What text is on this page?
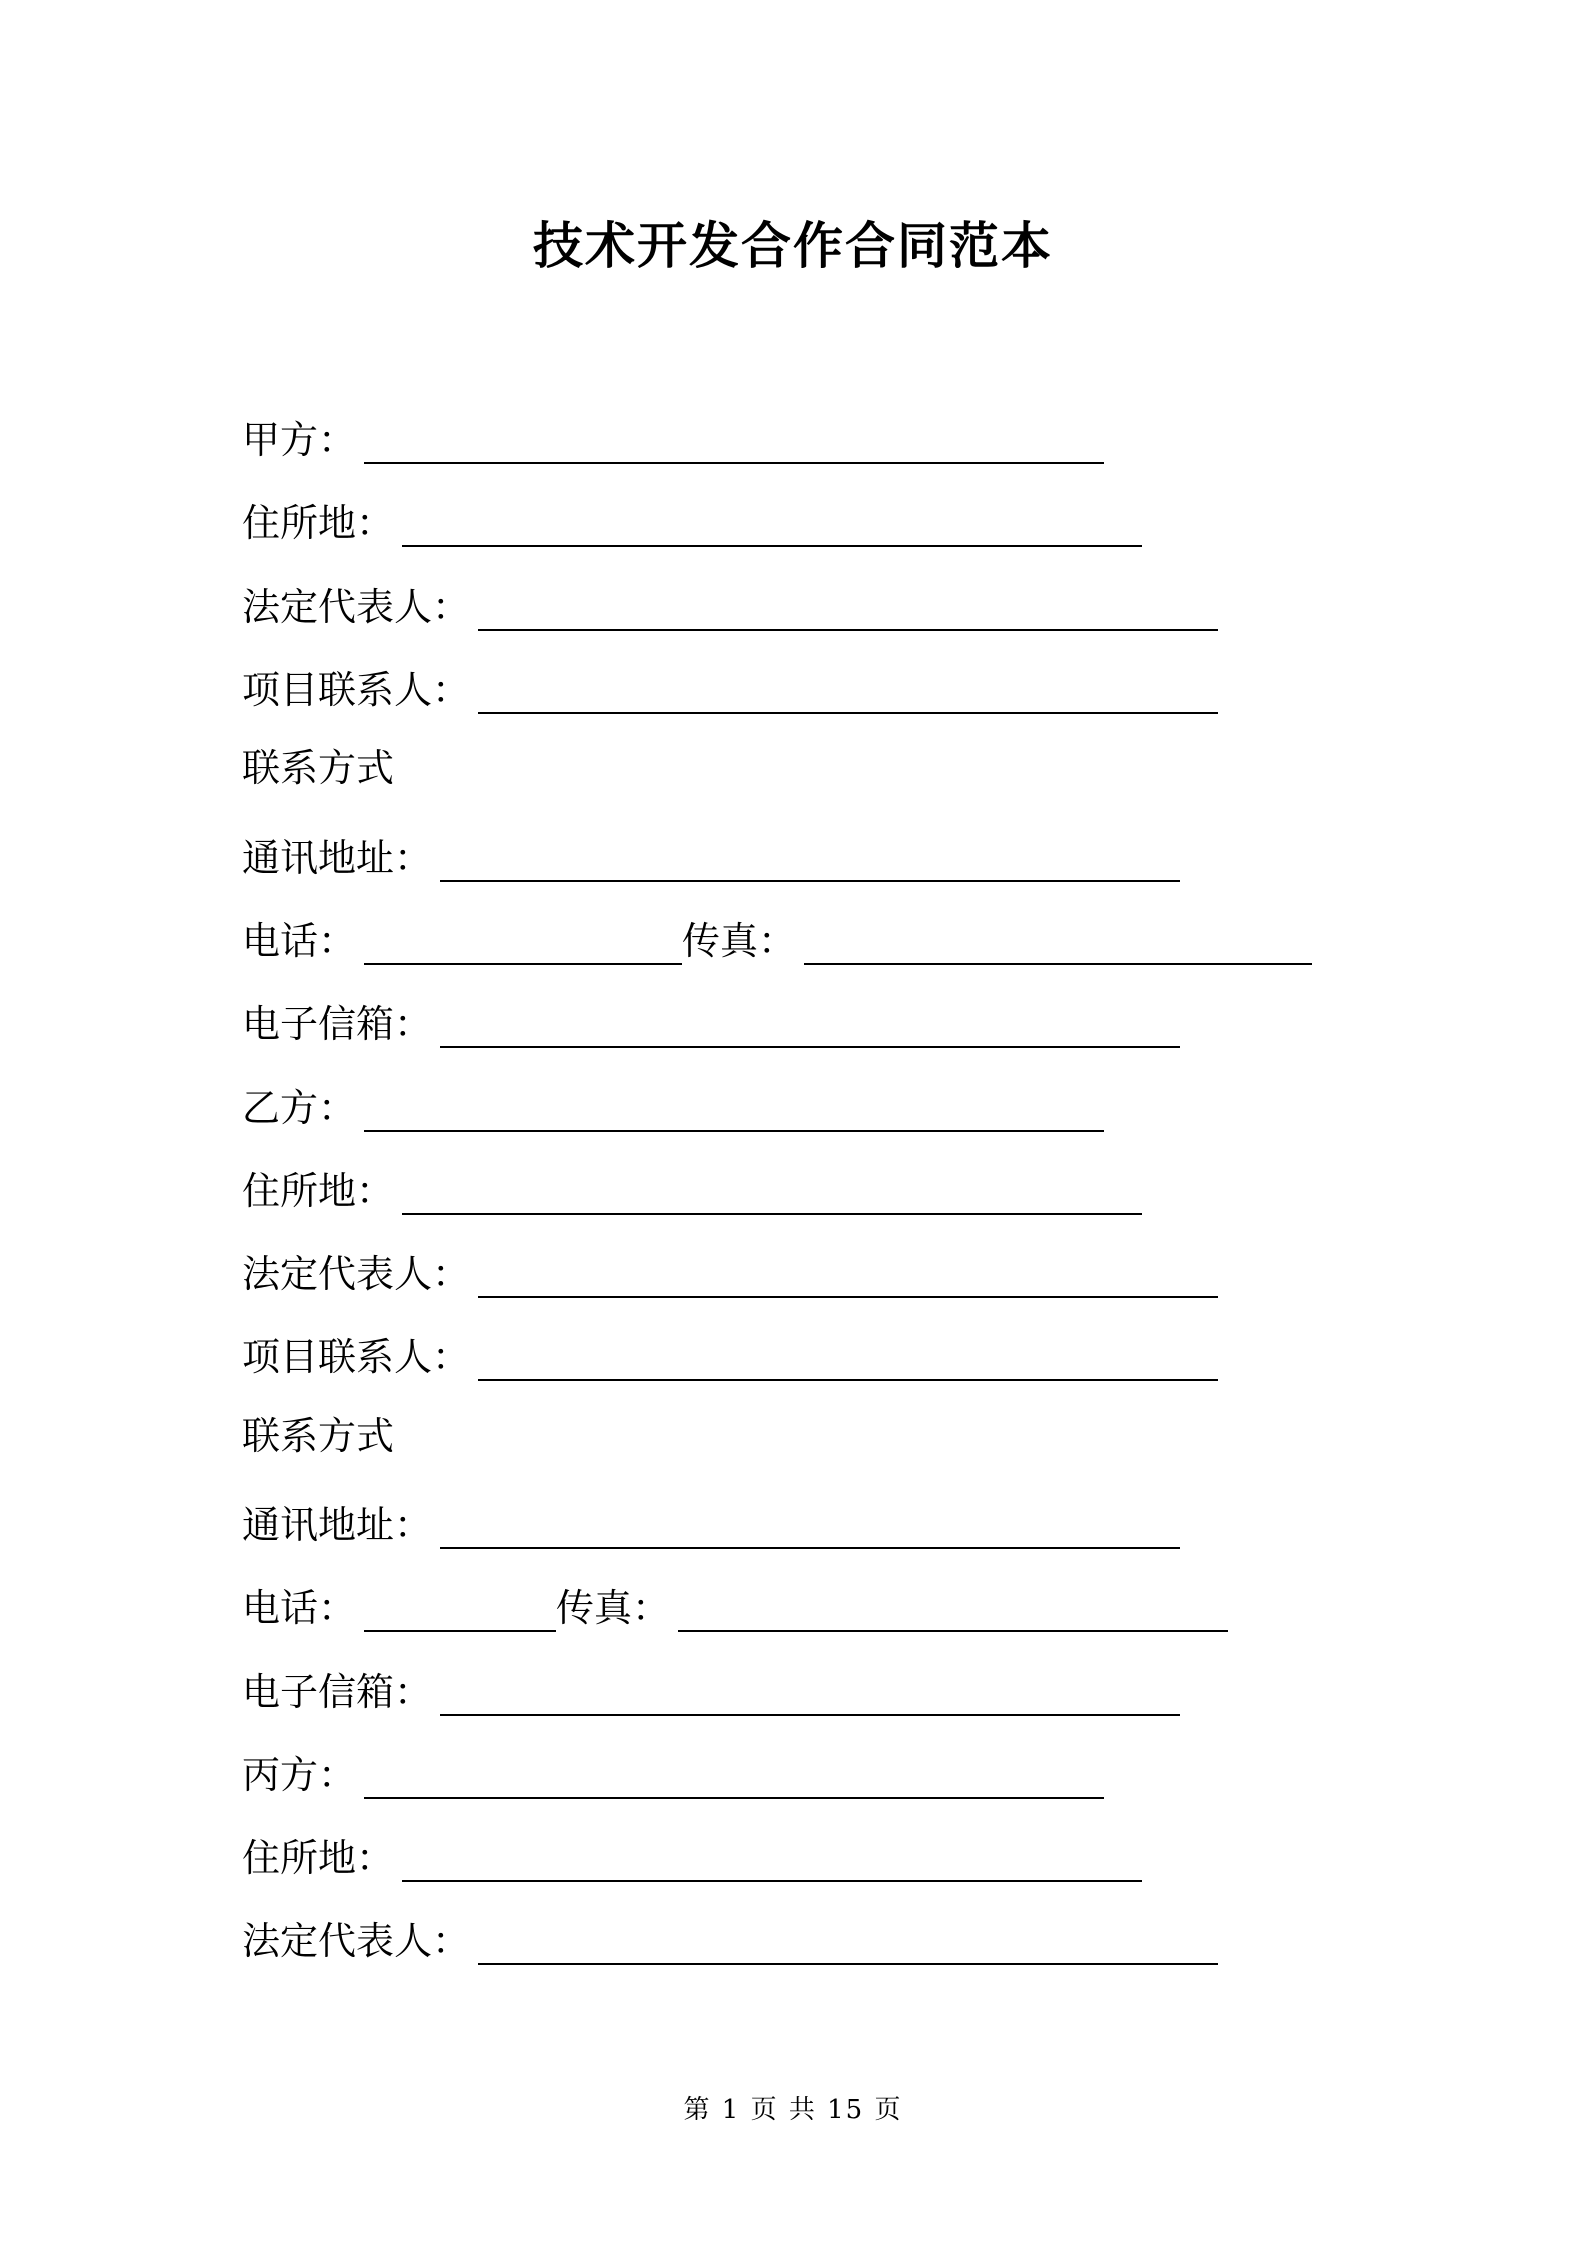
技术开发合作合同范本
甲方：
住所地：
法定代表人：
项目联系人：
联系方式
通讯地址：
电话：	传真：
电子信箱：
乙方：
住所地：
法定代表人：
项目联系人：
联系方式
通讯地址：
电话：	传真：
电子信箱：
丙方：
住所地：
法定代表人：
第 1 页 共 15 页
